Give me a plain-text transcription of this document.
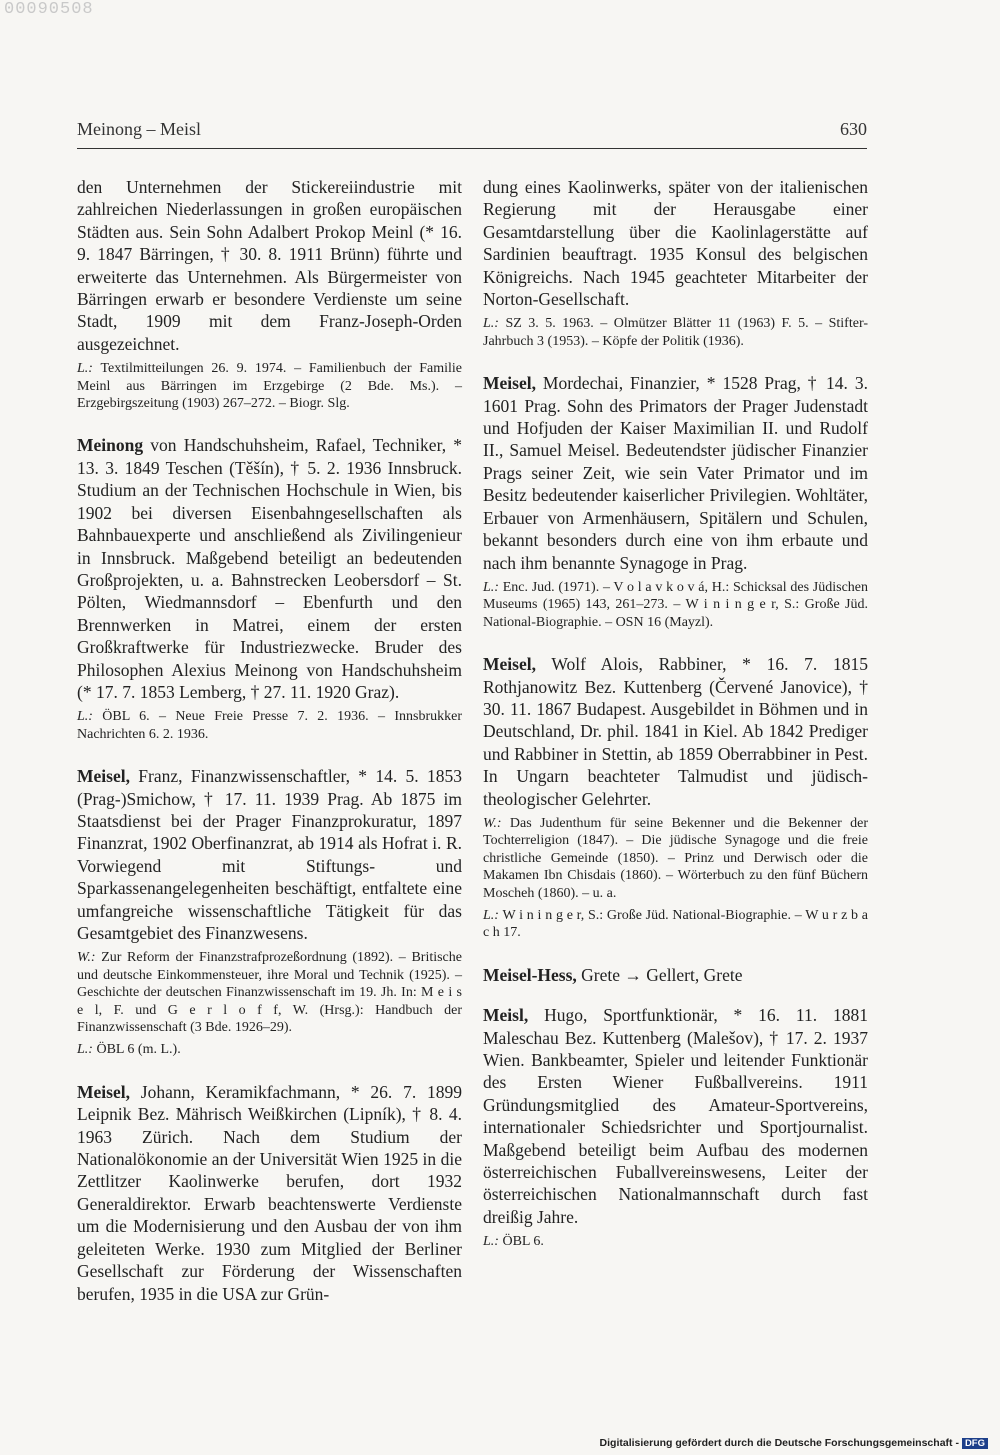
00090508
Meinong – Meisl	630

den Unternehmen der Stickereiindustrie mit zahlreichen Niederlassungen in großen europäischen Städten aus. Sein Sohn Adalbert Prokop Meinl (* 16. 9. 1847 Bärringen, † 30. 8. 1911 Brünn) führte und erweiterte das Unternehmen. Als Bürgermeister von Bärringen erwarb er besondere Verdienste um seine Stadt, 1909 mit dem Franz-Joseph-Orden ausgezeichnet.

L.: Textilmitteilungen 26. 9. 1974. – Familienbuch der Familie Meinl aus Bärringen im Erzgebirge (2 Bde. Ms.). – Erzgebirgszeitung (1903) 267–272. – Biogr. Slg.

Meinong von Handschuhsheim, Rafael, Techniker, * 13. 3. 1849 Teschen (Těšín), † 5. 2. 1936 Innsbruck. Studium an der Technischen Hochschule in Wien, bis 1902 bei diversen Eisenbahngesellschaften als Bahnbauexperte und anschließend als Zivilingenieur in Innsbruck. Maßgebend beteiligt an bedeutenden Großprojekten, u. a. Bahnstrecken Leobersdorf – St. Pölten, Wiedmannsdorf – Ebenfurth und den Brennwerken in Matrei, einem der ersten Großkraftwerke für Industriezwecke. Bruder des Philosophen Alexius Meinong von Handschuhsheim (* 17. 7. 1853 Lemberg, † 27. 11. 1920 Graz).

L.: ÖBL 6. – Neue Freie Presse 7. 2. 1936. – Innsbrukker Nachrichten 6. 2. 1936.

Meisel, Franz, Finanzwissenschaftler, * 14. 5. 1853 (Prag-)Smichow, † 17. 11. 1939 Prag. Ab 1875 im Staatsdienst bei der Prager Finanzprokuratur, 1897 Finanzrat, 1902 Oberfinanzrat, ab 1914 als Hofrat i. R. Vorwiegend mit Stiftungs- und Sparkassenangelegenheiten beschäftigt, entfaltete eine umfangreiche wissenschaftliche Tätigkeit für das Gesamtgebiet des Finanzwesens.

W.: Zur Reform der Finanzstrafprozeßordnung (1892). – Britische und deutsche Einkommensteuer, ihre Moral und Technik (1925). – Geschichte der deutschen Finanzwissenschaft im 19. Jh. In: M e i s e l, F. und G e r l o f f, W. (Hrsg.): Handbuch der Finanzwissenschaft (3 Bde. 1926–29).

L.: ÖBL 6 (m. L.).

Meisel, Johann, Keramikfachmann, * 26. 7. 1899 Leipnik Bez. Mährisch Weißkirchen (Lipník), † 8. 4. 1963 Zürich. Nach dem Studium der Nationalökonomie an der Universität Wien 1925 in die Zettlitzer Kaolinwerke berufen, dort 1932 Generaldirektor. Erwarb beachtenswerte Verdienste um die Modernisierung und den Ausbau der von ihm geleiteten Werke. 1930 zum Mitglied der Berliner Gesellschaft zur Förderung der Wissenschaften berufen, 1935 in die USA zur Grün-

dung eines Kaolinwerks, später von der italienischen Regierung mit der Herausgabe einer Gesamtdarstellung über die Kaolinlagerstätte auf Sardinien beauftragt. 1935 Konsul des belgischen Königreichs. Nach 1945 geachteter Mitarbeiter der Norton-Gesellschaft.

L.: SZ 3. 5. 1963. – Olmützer Blätter 11 (1963) F. 5. – Stifter-Jahrbuch 3 (1953). – Köpfe der Politik (1936).

Meisel, Mordechai, Finanzier, * 1528 Prag, † 14. 3. 1601 Prag. Sohn des Primators der Prager Judenstadt und Hofjuden der Kaiser Maximilian II. und Rudolf II., Samuel Meisel. Bedeutendster jüdischer Finanzier Prags seiner Zeit, wie sein Vater Primator und im Besitz bedeutender kaiserlicher Privilegien. Wohltäter, Erbauer von Armenhäusern, Spitälern und Schulen, bekannt besonders durch eine von ihm erbaute und nach ihm benannte Synagoge in Prag.

L.: Enc. Jud. (1971). – V o l a v k o v á, H.: Schicksal des Jüdischen Museums (1965) 143, 261–273. – W i n i n g e r, S.: Große Jüd. National-Biographie. – OSN 16 (Mayzl).

Meisel, Wolf Alois, Rabbiner, * 16. 7. 1815 Rothjanowitz Bez. Kuttenberg (Červené Janovice), † 30. 11. 1867 Budapest. Ausgebildet in Böhmen und in Deutschland, Dr. phil. 1841 in Kiel. Ab 1842 Prediger und Rabbiner in Stettin, ab 1859 Oberrabbiner in Pest. In Ungarn beachteter Talmudist und jüdisch-theologischer Gelehrter.

W.: Das Judenthum für seine Bekenner und die Bekenner der Tochterreligion (1847). – Die jüdische Synagoge und die freie christliche Gemeinde (1850). – Prinz und Derwisch oder die Makamen Ibn Chisdais (1860). – Wörterbuch zu den fünf Büchern Moscheh (1860). – u. a.

L.: W i n i n g e r, S.: Große Jüd. National-Biographie. – W u r z b a c h 17.

Meisel-Hess, Grete → Gellert, Grete

Meisl, Hugo, Sportfunktionär, * 16. 11. 1881 Maleschau Bez. Kuttenberg (Malešov), † 17. 2. 1937 Wien. Bankbeamter, Spieler und leitender Funktionär des Ersten Wiener Fußballvereins. 1911 Gründungsmitglied des Amateur-Sportvereins, internationaler Schiedsrichter und Sportjournalist. Maßgebend beteiligt beim Aufbau des modernen österreichischen Fuballvereinswesens, Leiter der österreichischen Nationalmannschaft durch fast dreißig Jahre.

L.: ÖBL 6.

Digitalisierung gefördert durch die Deutsche Forschungsgemeinschaft - DFG
